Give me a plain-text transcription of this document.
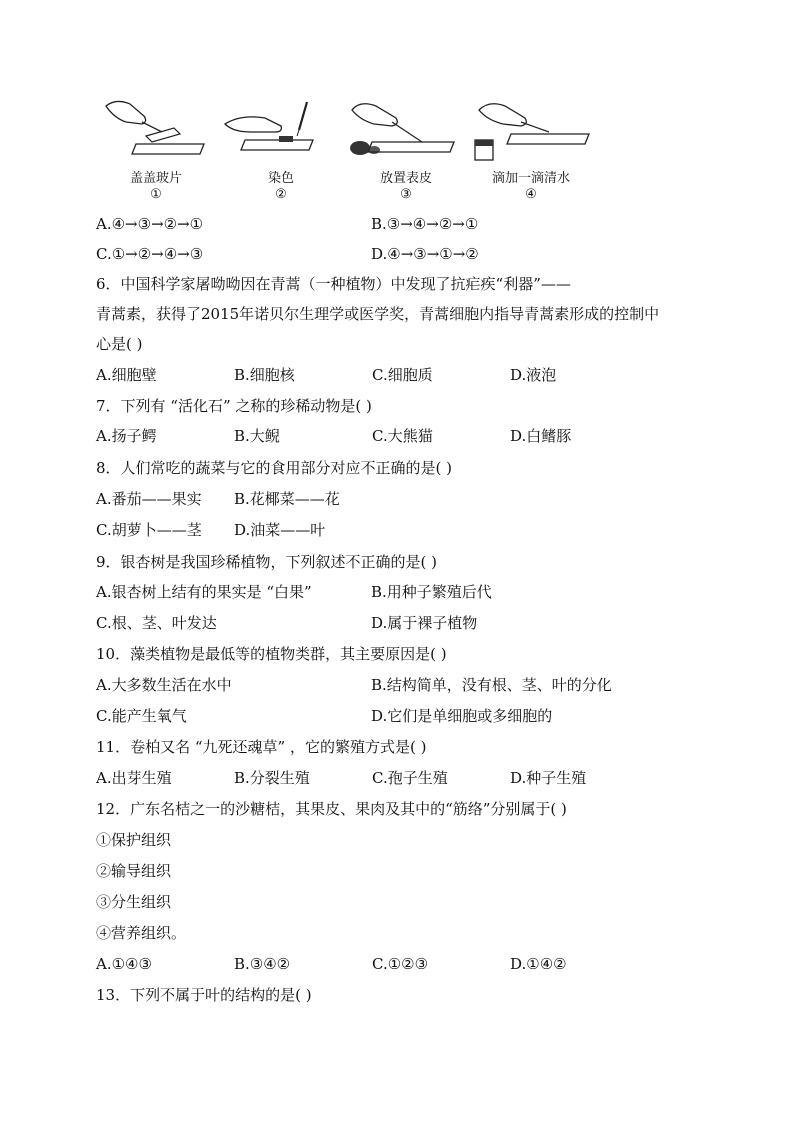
盖盖玻片
①
染色
②
放置表皮
③
滴加一滴清水
④
A.④→③→②→①	B.③→④→②→①
C.①→②→④→③	D.④→③→①→②
6．中国科学家屠呦呦因在青蒿（一种植物）中发现了抗疟疾“利器”——
青蒿素，获得了2015年诺贝尔生理学或医学奖，青蒿细胞内指导青蒿素形成的控制中
心是( )
A.细胞壁	B.细胞核	C.细胞质	D.液泡
7．下列有 “活化石” 之称的珍稀动物是( )
A.扬子鳄	B.大鲵	C.大熊猫	D.白鳍豚
8．人们常吃的蔬菜与它的食用部分对应不正确的是( )
A.番茄——果实 B.花椰菜——花
C.胡萝卜——茎 D.油菜——叶
9．银杏树是我国珍稀植物，下列叙述不正确的是( )
A.银杏树上结有的果实是 “白果”	B.用种子繁殖后代
C.根、茎、叶发达	D.属于裸子植物
10．藻类植物是最低等的植物类群，其主要原因是( )
A.大多数生活在水中	B.结构简单，没有根、茎、叶的分化
C.能产生氧气	D.它们是单细胞或多细胞的
11．卷柏又名 “九死还魂草” ，它的繁殖方式是( )
A.出芽生殖	B.分裂生殖	C.孢子生殖	D.种子生殖
12．广东名桔之一的沙糖桔，其果皮、果肉及其中的“筋络”分别属于( )
①保护组织
②输导组织
③分生组织
④营养组织。
A.①④③	B.③④②	C.①②③	D.①④②
13．下列不属于叶的结构的是( )
